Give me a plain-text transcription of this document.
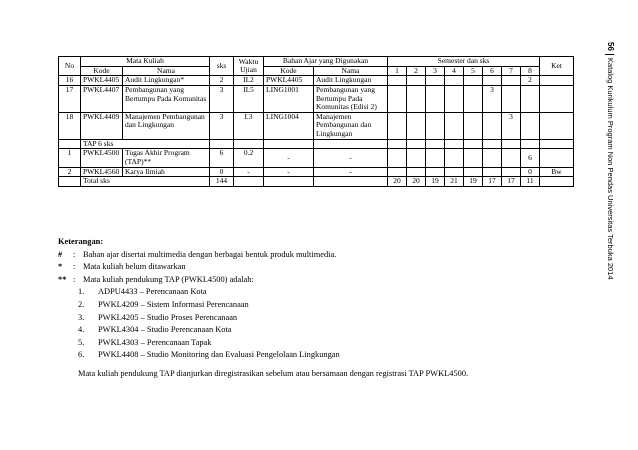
56Katalog Kurikulum Program Non Pendas Universitas Terbuka 2014
No	Mata Kuliah		sks	Waktu Ujian	Bahan Ajar yang Digunakan		Semester dan sks								Ket
	Kode	Nama			Kode	Nama	1	2	3	4	5	6	7	8	
16	PWKL4405	Audit Lingkungan*	2	II.2	PWKL4405	Audit Lingkungan								2	
17	PWKL4407	Pembangunan yang Bertumpu Pada Komunitas	3	II.5	LING1001	Pembangunan yang Bertumpu Pada Komunitas (Edisi 2)						3			
18	PWKL4409	Manajemen Pembangunan dan Lingkungan	3	I.3	LING1004	Manajemen Pembangunan dan Lingkungan							3		
	TAP 6 sks														
1	PWKL4500	Tugas Akhir Program (TAP)**	6	0.2	-	-								6	
2	PWKL4560	Karya Ilmiah	0	-	-	-								0	Bw
	Total sks		144				20	20	19	21	19	17	17	11	
Keterangan:
#	: Bahan ajar disertai multimedia dengan berbagai bentuk produk multimedia.
*	: Mata kuliah belum ditawarkan
** : Mata kuliah pendukung TAP (PWKL4500) adalah:
1.	ADPU4433 – Perencanaan Kota
2.	PWKL4209 – Sistem Informasi Perencanaan
3.	PWKL4205 – Studio Proses Perencanaan
4.	PWKL4304 – Studio Perencanaan Kota
5.	PWKL4303 – Perencanaan Tapak
6.	PWKL4408 – Studio Monitoring dan Evaluasi Pengelolaan Lingkungan
Mata kuliah pendukung TAP dianjurkan diregistrasikan sebelum atau bersamaan dengan registrasi TAP PWKL4500.
